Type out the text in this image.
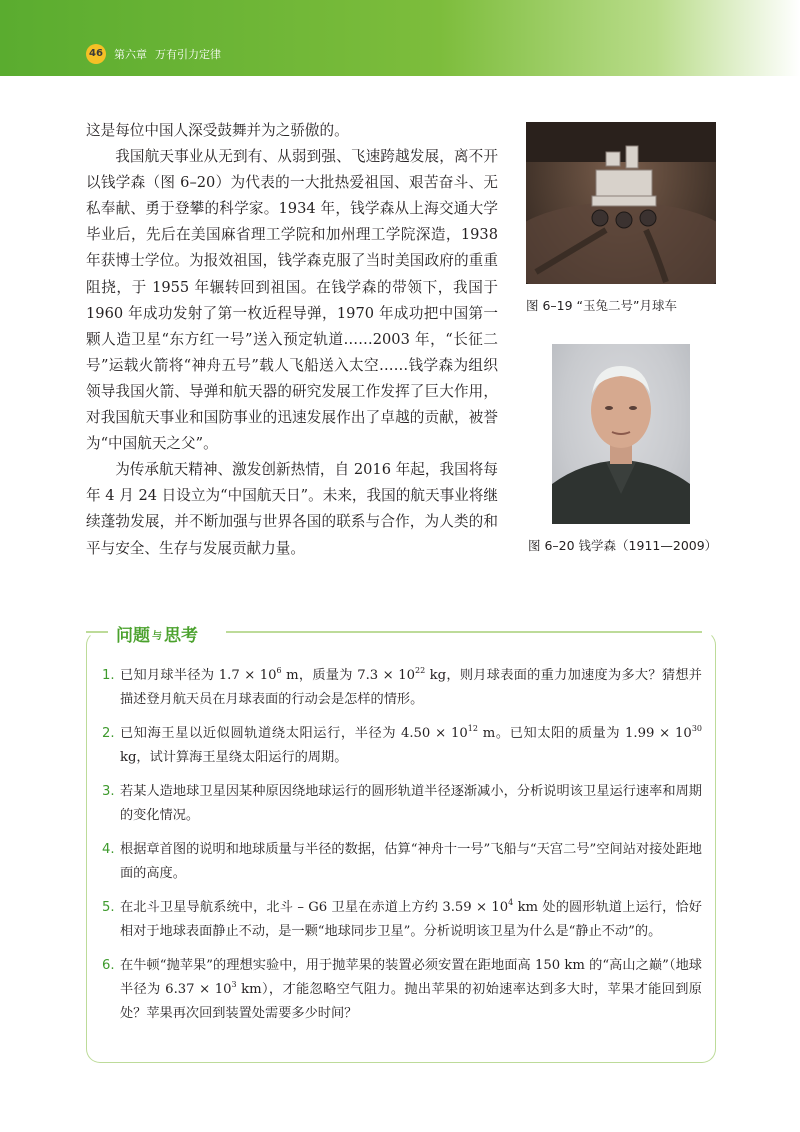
46 第六章 万有引力定律

这是每位中国人深受鼓舞并为之骄傲的。

我国航天事业从无到有、从弱到强、飞速跨越发展，离不开以钱学森（图 6–20）为代表的一大批热爱祖国、艰苦奋斗、无私奉献、勇于登攀的科学家。1934 年，钱学森从上海交通大学毕业后，先后在美国麻省理工学院和加州理工学院深造，1938 年获博士学位。为报效祖国，钱学森克服了当时美国政府的重重阻挠，于 1955 年辗转回到祖国。在钱学森的带领下，我国于 1960 年成功发射了第一枚近程导弹，1970 年成功把中国第一颗人造卫星“东方红一号”送入预定轨道……2003 年，“长征二号”运载火箭将“神舟五号”载人飞船送入太空……钱学森为组织领导我国火箭、导弹和航天器的研究发展工作发挥了巨大作用，对我国航天事业和国防事业的迅速发展作出了卓越的贡献，被誉为“中国航天之父”。

为传承航天精神、激发创新热情，自 2016 年起，我国将每年 4 月 24 日设立为“中国航天日”。未来，我国的航天事业将继续蓬勃发展，并不断加强与世界各国的联系与合作，为人类的和平与安全、生存与发展贡献力量。

图 6–19 “玉兔二号”月球车
图 6–20 钱学森（1911—2009）
问题 与 思考
1. 已知月球半径为 $1.7 \times 10^6$ m，质量为 $7.3 \times 10^{22}$ kg，则月球表面的重力加速度为多大？猜想并描述登月航天员在月球表面的行动会是怎样的情形。
2. 已知海王星以近似圆轨道绕太阳运行，半径为 $4.50 \times 10^{12}$ m。已知太阳的质量为 $1.99 \times 10^{30}$ kg，试计算海王星绕太阳运行的周期。
3. 若某人造地球卫星因某种原因绕地球运行的圆形轨道半径逐渐减小，分析说明该卫星运行速率和周期的变化情况。
4. 根据章首图的说明和地球质量与半径的数据，估算“神舟十一号”飞船与“天宫二号”空间站对接处距地面的高度。
5. 在北斗卫星导航系统中，北斗 – G6 卫星在赤道上方约 $3.59 \times 10^4$ km 处的圆形轨道上运行，恰好相对于地球表面静止不动，是一颗“地球同步卫星”。分析说明该卫星为什么是“静止不动”的。
6. 在牛顿“抛苹果”的理想实验中，用于抛苹果的装置必须安置在距地面高 150 km 的“高山之巅”（地球半径为 $6.37 \times 10^3$ km），才能忽略空气阻力。抛出苹果的初始速率达到多大时，苹果才能回到原处？苹果再次回到装置处需要多少时间？
